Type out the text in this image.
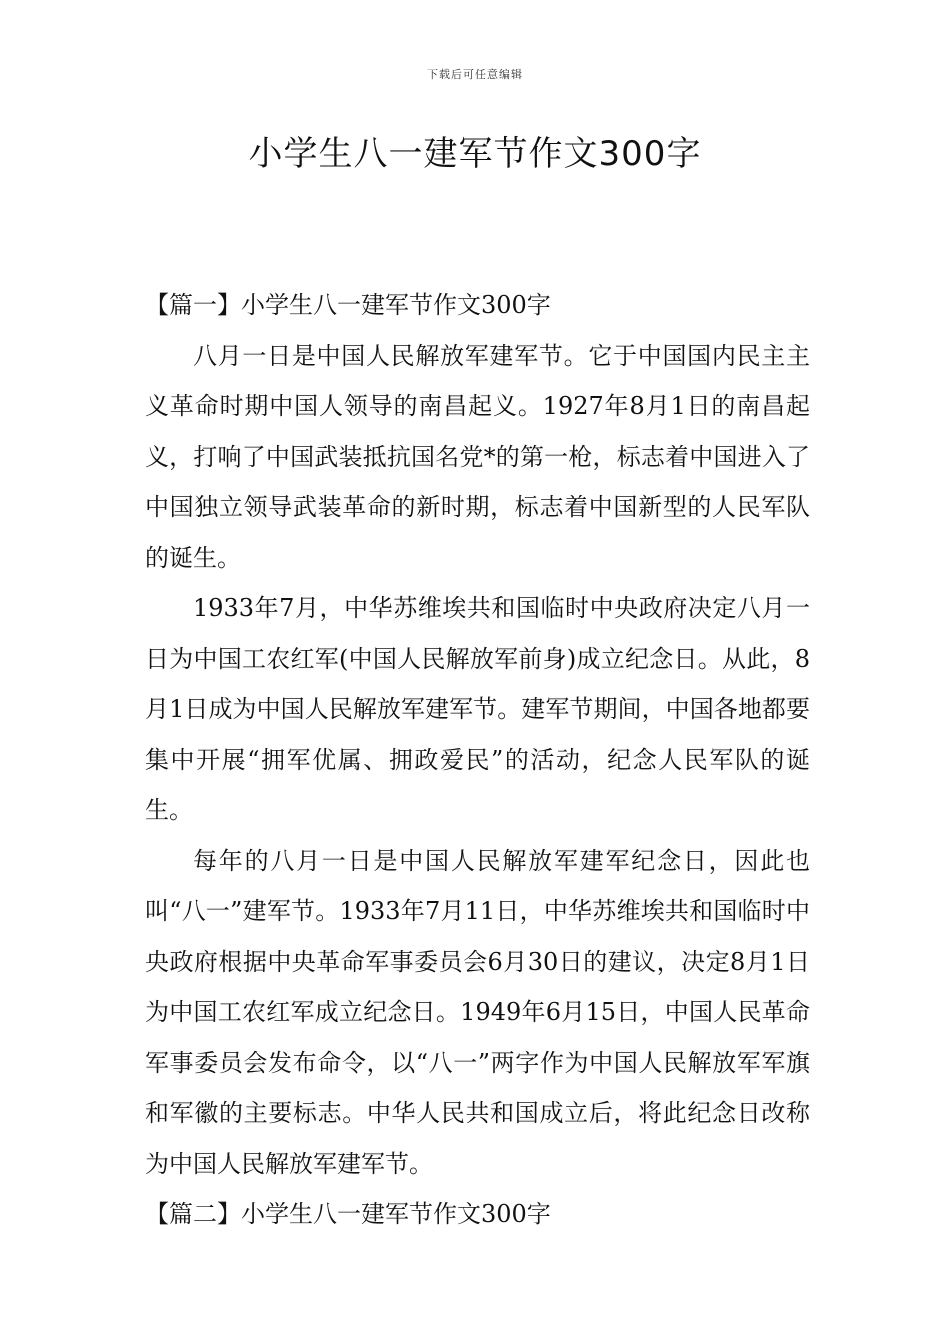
下载后可任意编辑
小学生八一建军节作文300字
【篇一】小学生八一建军节作文300字

八月一日是中国人民解放军建军节。它于中国国内民主主义革命时期中国人领导的南昌起义。1927年8月1日的南昌起义，打响了中国武装抵抗国名党*的第一枪，标志着中国进入了中国独立领导武装革命的新时期，标志着中国新型的人民军队的诞生。

1933年7月，中华苏维埃共和国临时中央政府决定八月一日为中国工农红军(中国人民解放军前身)成立纪念日。从此，8月1日成为中国人民解放军建军节。建军节期间，中国各地都要集中开展“拥军优属、拥政爱民”的活动，纪念人民军队的诞生。

每年的八月一日是中国人民解放军建军纪念日，因此也叫“八一”建军节。1933年7月11日，中华苏维埃共和国临时中央政府根据中央革命军事委员会6月30日的建议，决定8月1日为中国工农红军成立纪念日。1949年6月15日，中国人民革命军事委员会发布命令，以“八一”两字作为中国人民解放军军旗和军徽的主要标志。中华人民共和国成立后，将此纪念日改称为中国人民解放军建军节。

【篇二】小学生八一建军节作文300字
